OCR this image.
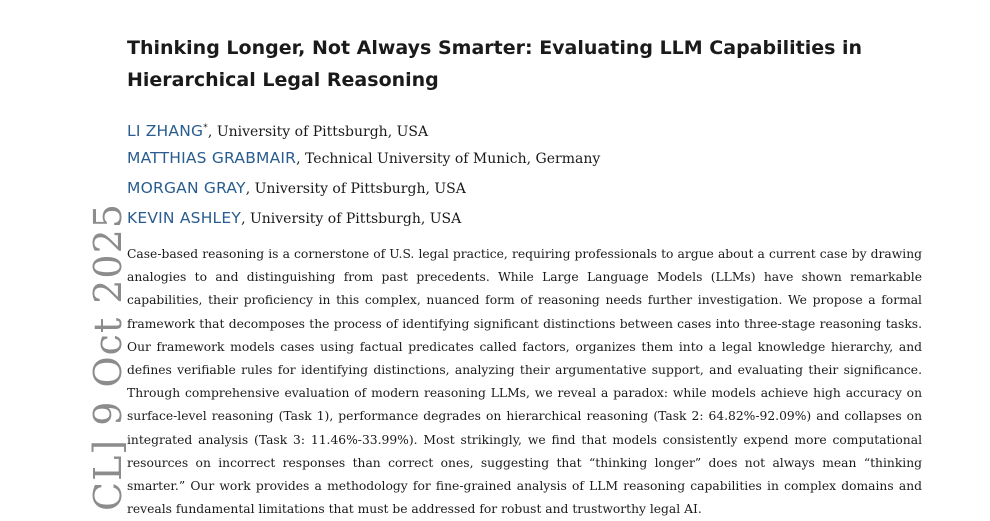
Thinking Longer, Not Always Smarter: Evaluating LLM Capabilities in Hierarchical Legal Reasoning
LI ZHANG*, University of Pittsburgh, USA
MATTHIAS GRABMAIR, Technical University of Munich, Germany
MORGAN GRAY, University of Pittsburgh, USA
KEVIN ASHLEY, University of Pittsburgh, USA

Case-based reasoning is a cornerstone of U.S. legal practice, requiring professionals to argue about a current case by drawing analogies to and distinguishing from past precedents. While Large Language Models (LLMs) have shown remarkable capabilities, their proficiency in this complex, nuanced form of reasoning needs further investigation. We propose a formal framework that decomposes the process of identifying significant distinctions between cases into three-stage reasoning tasks. Our framework models cases using factual predicates called factors, organizes them into a legal knowledge hierarchy, and defines verifiable rules for identifying distinctions, analyzing their argumentative support, and evaluating their significance. Through comprehensive evaluation of modern reasoning LLMs, we reveal a paradox: while models achieve high accuracy on surface-level reasoning (Task 1), performance degrades on hierarchical reasoning (Task 2: 64.82%-92.09%) and collapses on integrated analysis (Task 3: 11.46%-33.99%). Most strikingly, we find that models consistently expend more computational resources on incorrect responses than correct ones, suggesting that “thinking longer” does not always mean “thinking smarter.” Our work provides a methodology for fine-grained analysis of LLM reasoning capabilities in complex domains and reveals fundamental limitations that must be addressed for robust and trustworthy legal AI.

CL] 9 Oct 2025
